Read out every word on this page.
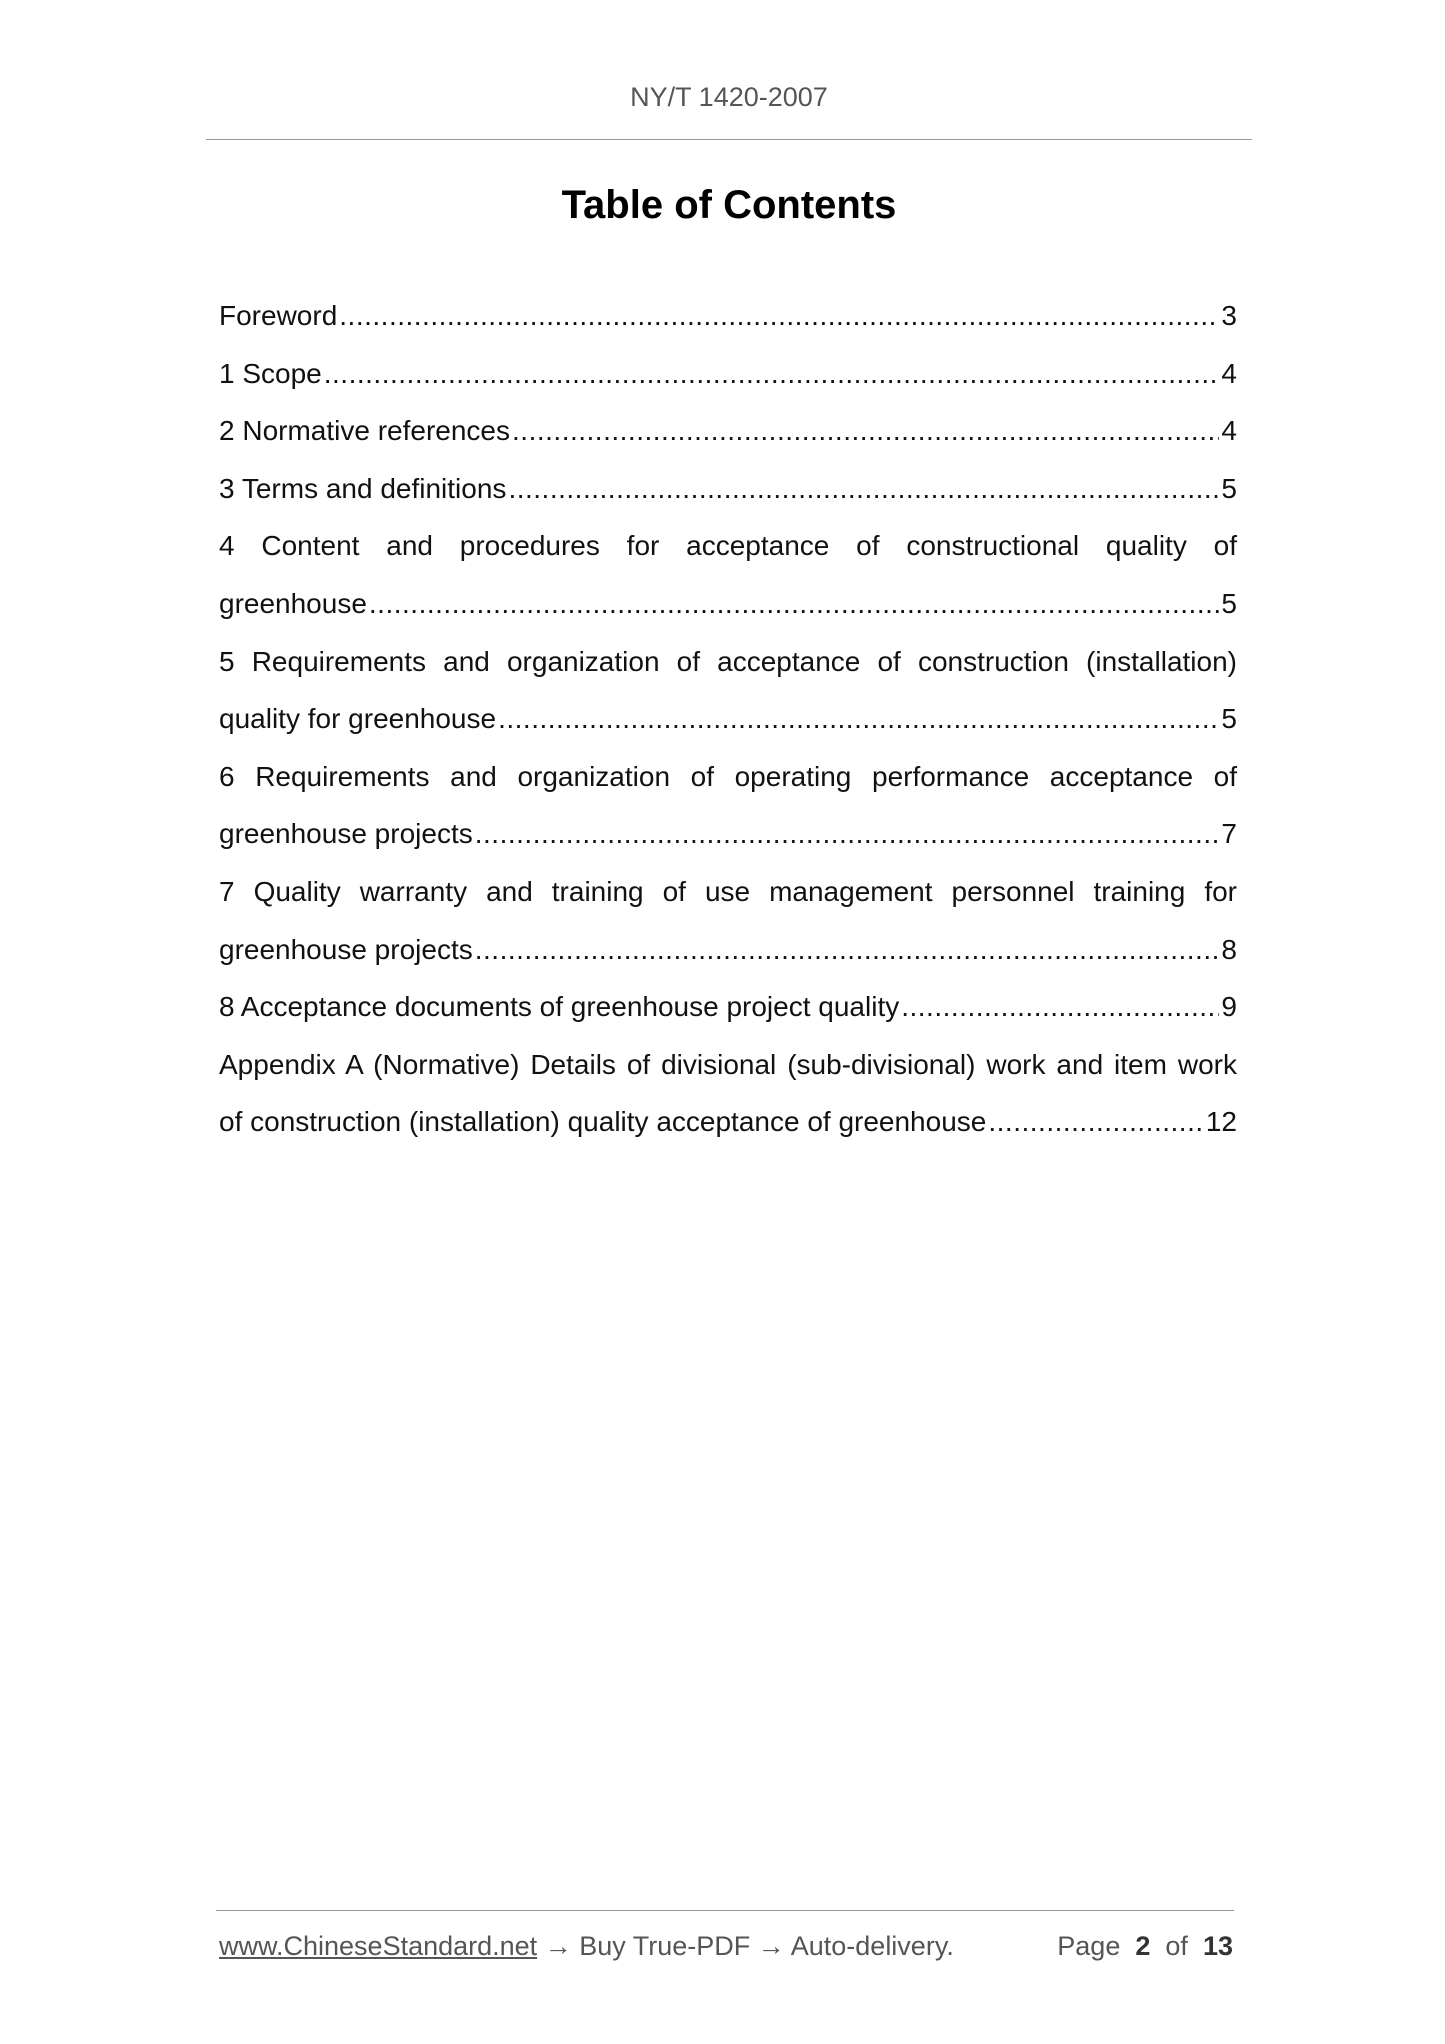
NY/T 1420-2007
Table of Contents
Foreword .....	3
1 Scope .....	4
2 Normative references .....	4
3 Terms and definitions .....	5
4 Content and procedures for acceptance of constructional quality of
greenhouse .....	5
5 Requirements and organization of acceptance of construction (installation)
quality for greenhouse .....	5
6 Requirements and organization of operating performance acceptance of
greenhouse projects .....	7
7 Quality warranty and training of use management personnel training for
greenhouse projects .....	8
8 Acceptance documents of greenhouse project quality .....	9
Appendix A (Normative) Details of divisional (sub-divisional) work and item work
of construction (installation) quality acceptance of greenhouse .....	12
www.ChineseStandard.net → Buy True-PDF → Auto-delivery.	Page 2 of 13
